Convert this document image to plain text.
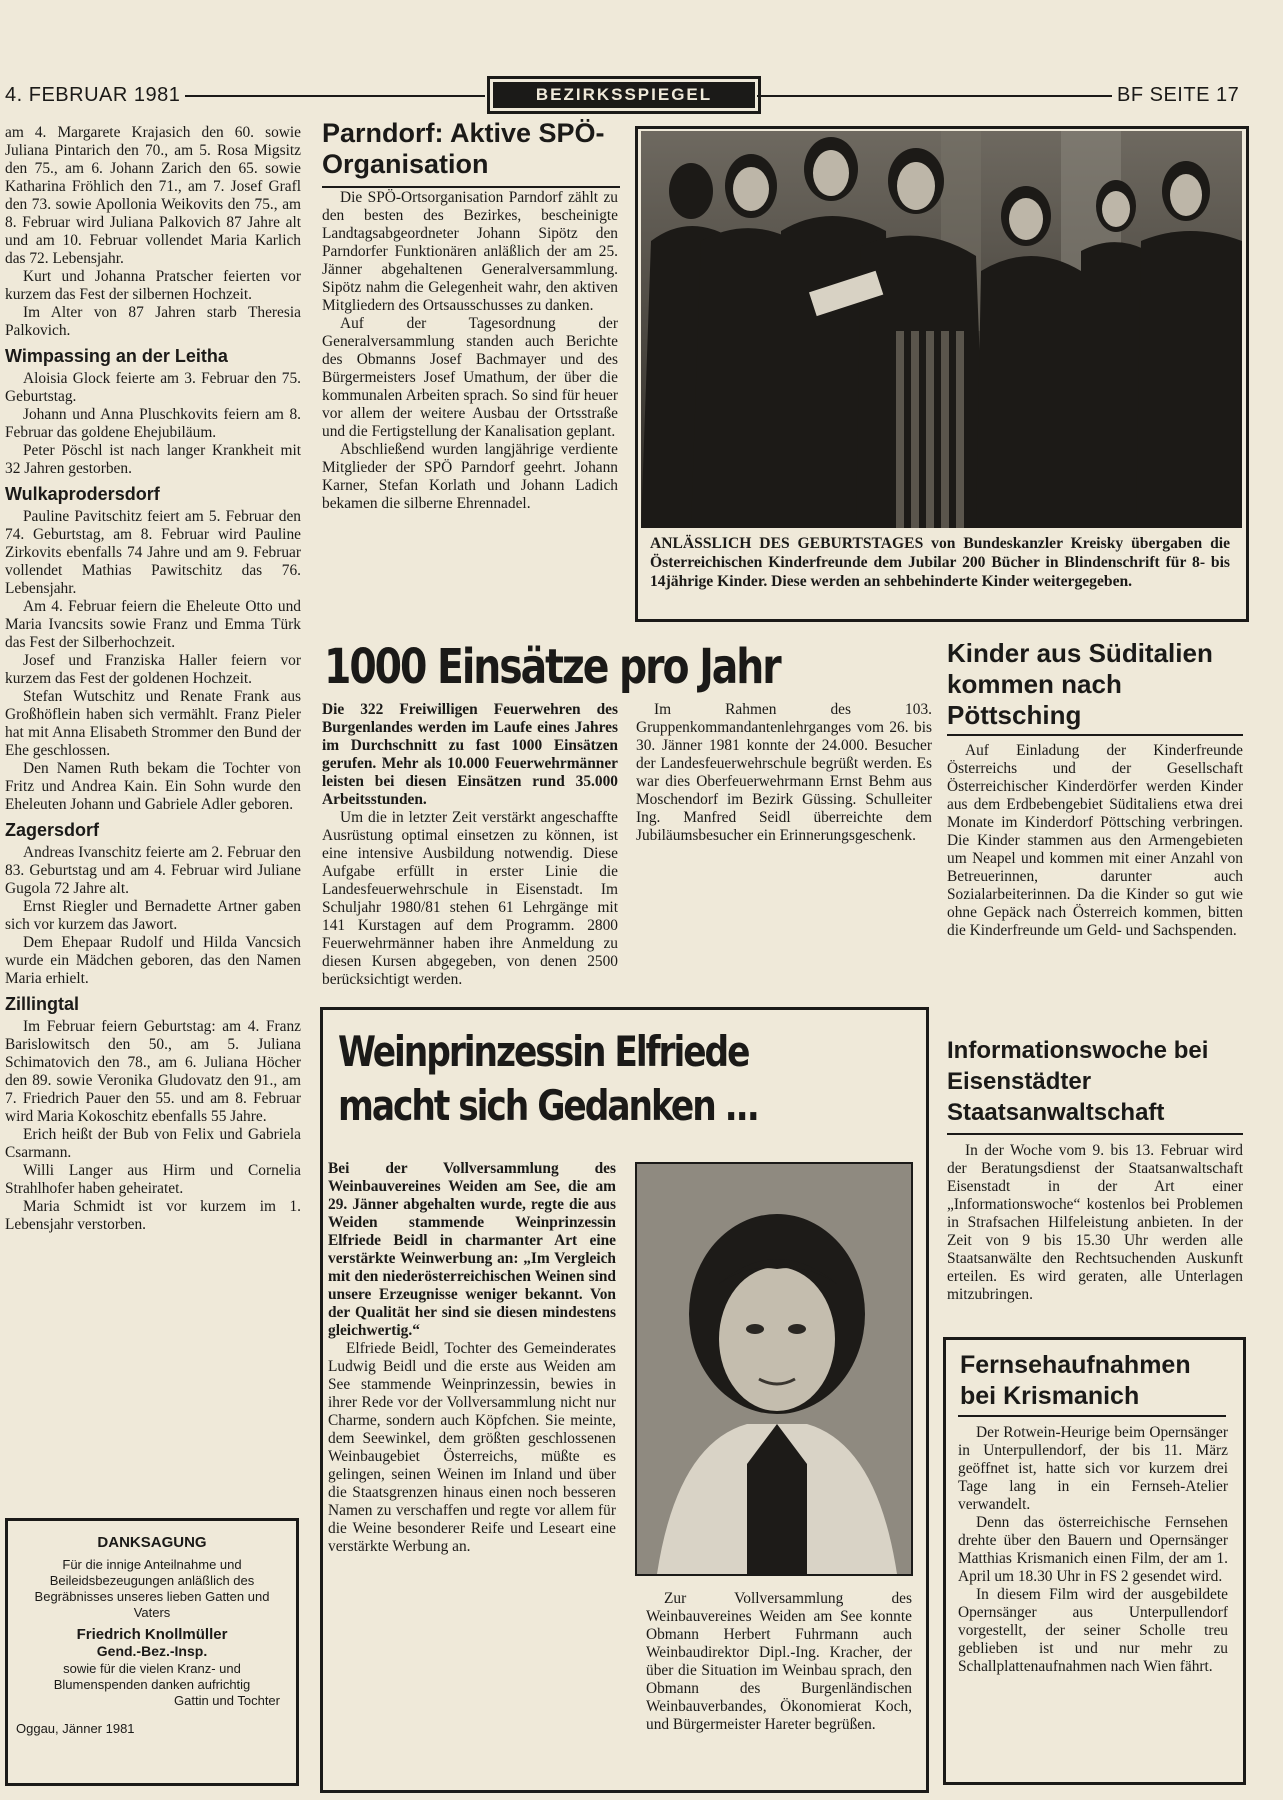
4. FEBRUAR 1981	BEZIRKSSPIEGEL	BF SEITE 17

am 4. Margarete Krajasich den 60. sowie Juliana Pintarich den 70., am 5. Rosa Migsitz den 75., am 6. Johann Zarich den 65. sowie Katharina Fröhlich den 71., am 7. Josef Grafl den 73. sowie Apollonia Weikovits den 75., am 8. Februar wird Juliana Palkovich 87 Jahre alt und am 10. Februar vollendet Maria Karlich das 72. Lebensjahr.

Kurt und Johanna Pratscher feierten vor kurzem das Fest der silbernen Hochzeit.

Im Alter von 87 Jahren starb Theresia Palkovich.

Wimpassing an der Leitha

Aloisia Glock feierte am 3. Februar den 75. Geburtstag.

Johann und Anna Pluschkovits feiern am 8. Februar das goldene Ehejubiläum.

Peter Pöschl ist nach langer Krankheit mit 32 Jahren gestorben.

Wulkaprodersdorf

Pauline Pavitschitz feiert am 5. Februar den 74. Geburtstag, am 8. Februar wird Pauline Zirkovits ebenfalls 74 Jahre und am 9. Februar vollendet Mathias Pawitschitz das 76. Lebensjahr.

Am 4. Februar feiern die Eheleute Otto und Maria Ivancsits sowie Franz und Emma Türk das Fest der Silberhochzeit.

Josef und Franziska Haller feiern vor kurzem das Fest der goldenen Hochzeit.

Stefan Wutschitz und Renate Frank aus Großhöflein haben sich vermählt. Franz Pieler hat mit Anna Elisabeth Strommer den Bund der Ehe geschlossen.

Den Namen Ruth bekam die Tochter von Fritz und Andrea Kain. Ein Sohn wurde den Eheleuten Johann und Gabriele Adler geboren.

Zagersdorf

Andreas Ivanschitz feierte am 2. Februar den 83. Geburtstag und am 4. Februar wird Juliane Gugola 72 Jahre alt.

Ernst Riegler und Bernadette Artner gaben sich vor kurzem das Jawort.

Dem Ehepaar Rudolf und Hilda Vancsich wurde ein Mädchen geboren, das den Namen Maria erhielt.

Zillingtal

Im Februar feiern Geburtstag: am 4. Franz Barislowitsch den 50., am 5. Juliana Schimatovich den 78., am 6. Juliana Höcher den 89. sowie Veronika Gludovatz den 91., am 7. Friedrich Pauer den 55. und am 8. Februar wird Maria Kokoschitz ebenfalls 55 Jahre.

Erich heißt der Bub von Felix und Gabriela Csarmann.

Willi Langer aus Hirm und Cornelia Strahlhofer haben geheiratet.

Maria Schmidt ist vor kurzem im 1. Lebensjahr verstorben.

DANKSAGUNG
Für die innige Anteilnahme und Beileidsbezeugungen anläßlich des Begräbnisses unseres lieben Gatten und Vaters
Friedrich Knollmüller
Gend.-Bez.-Insp.
sowie für die vielen Kranz- und Blumenspenden danken aufrichtig
Gattin und Tochter
Oggau, Jänner 1981
Parndorf: Aktive SPÖ-Organisation

Die SPÖ-Ortsorganisation Parndorf zählt zu den besten des Bezirkes, bescheinigte Landtagsabgeordneter Johann Sipötz den Parndorfer Funktionären anläßlich der am 25. Jänner abgehaltenen Generalversammlung. Sipötz nahm die Gelegenheit wahr, den aktiven Mitgliedern des Ortsausschusses zu danken.

Auf der Tagesordnung der Generalversammlung standen auch Berichte des Obmanns Josef Bachmayer und des Bürgermeisters Josef Umathum, der über die kommunalen Arbeiten sprach. So sind für heuer vor allem der weitere Ausbau der Ortsstraße und die Fertigstellung der Kanalisation geplant.

Abschließend wurden langjährige verdiente Mitglieder der SPÖ Parndorf geehrt. Johann Karner, Stefan Korlath und Johann Ladich bekamen die silberne Ehrennadel.

ANLÄSSLICH DES GEBURTSTAGES von Bundeskanzler Kreisky übergaben die Österreichischen Kinderfreunde dem Jubilar 200 Bücher in Blindenschrift für 8- bis 14jährige Kinder. Diese werden an sehbehinderte Kinder weitergegeben.
1000 Einsätze pro Jahr

Die 322 Freiwilligen Feuerwehren des Burgenlandes werden im Laufe eines Jahres im Durchschnitt zu fast 1000 Einsätzen gerufen. Mehr als 10.000 Feuerwehrmänner leisten bei diesen Einsätzen rund 35.000 Arbeitsstunden.

Um die in letzter Zeit verstärkt angeschaffte Ausrüstung optimal einsetzen zu können, ist eine intensive Ausbildung notwendig. Diese Aufgabe erfüllt in erster Linie die Landesfeuerwehrschule in Eisenstadt. Im Schuljahr 1980/81 stehen 61 Lehrgänge mit 141 Kurstagen auf dem Programm. 2800 Feuerwehrmänner haben ihre Anmeldung zu diesen Kursen abgegeben, von denen 2500 berücksichtigt werden.

Im Rahmen des 103. Gruppenkommandantenlehrganges vom 26. bis 30. Jänner 1981 konnte der 24.000. Besucher der Landesfeuerwehrschule begrüßt werden. Es war dies Oberfeuerwehrmann Ernst Behm aus Moschendorf im Bezirk Güssing. Schulleiter Ing. Manfred Seidl überreichte dem Jubiläumsbesucher ein Erinnerungsgeschenk.

Kinder aus Süditalien kommen nach Pöttsching

Auf Einladung der Kinderfreunde Österreichs und der Gesellschaft Österreichischer Kinderdörfer werden Kinder aus dem Erdbebengebiet Süditaliens etwa drei Monate im Kinderdorf Pöttsching verbringen. Die Kinder stammen aus den Armengebieten um Neapel und kommen mit einer Anzahl von Betreuerinnen, darunter auch Sozialarbeiterinnen. Da die Kinder so gut wie ohne Gepäck nach Österreich kommen, bitten die Kinderfreunde um Geld- und Sachspenden.

Weinprinzessin Elfriede macht sich Gedanken ...

Bei der Vollversammlung des Weinbauvereines Weiden am See, die am 29. Jänner abgehalten wurde, regte die aus Weiden stammende Weinprinzessin Elfriede Beidl in charmanter Art eine verstärkte Weinwerbung an: „Im Vergleich mit den niederösterreichischen Weinen sind unsere Erzeugnisse weniger bekannt. Von der Qualität her sind sie diesen mindestens gleichwertig.“

Elfriede Beidl, Tochter des Gemeinderates Ludwig Beidl und die erste aus Weiden am See stammende Weinprinzessin, bewies in ihrer Rede vor der Vollversammlung nicht nur Charme, sondern auch Köpfchen. Sie meinte, dem Seewinkel, dem größten geschlossenen Weinbaugebiet Österreichs, müßte es gelingen, seinen Weinen im Inland und über die Staatsgrenzen hinaus einen noch besseren Namen zu verschaffen und regte vor allem für die Weine besonderer Reife und Leseart eine verstärkte Werbung an.

Zur Vollversammlung des Weinbauvereines Weiden am See konnte Obmann Herbert Fuhrmann auch Weinbaudirektor Dipl.-Ing. Kracher, der über die Situation im Weinbau sprach, den Obmann des Burgenländischen Weinbauverbandes, Ökonomierat Koch, und Bürgermeister Hareter begrüßen.

Informationswoche bei Eisenstädter Staatsanwaltschaft

In der Woche vom 9. bis 13. Februar wird der Beratungsdienst der Staatsanwaltschaft Eisenstadt in der Art einer „Informationswoche“ kostenlos bei Problemen in Strafsachen Hilfeleistung anbieten. In der Zeit von 9 bis 15.30 Uhr werden alle Staatsanwälte den Rechtsuchenden Auskunft erteilen. Es wird geraten, alle Unterlagen mitzubringen.

Fernsehaufnahmen bei Krismanich

Der Rotwein-Heurige beim Opernsänger in Unterpullendorf, der bis 11. März geöffnet ist, hatte sich vor kurzem drei Tage lang in ein Fernseh-Atelier verwandelt.

Denn das österreichische Fernsehen drehte über den Bauern und Opernsänger Matthias Krismanich einen Film, der am 1. April um 18.30 Uhr in FS 2 gesendet wird.

In diesem Film wird der ausgebildete Opernsänger aus Unterpullendorf vorgestellt, der seiner Scholle treu geblieben ist und nur mehr zu Schallplattenaufnahmen nach Wien fährt.
